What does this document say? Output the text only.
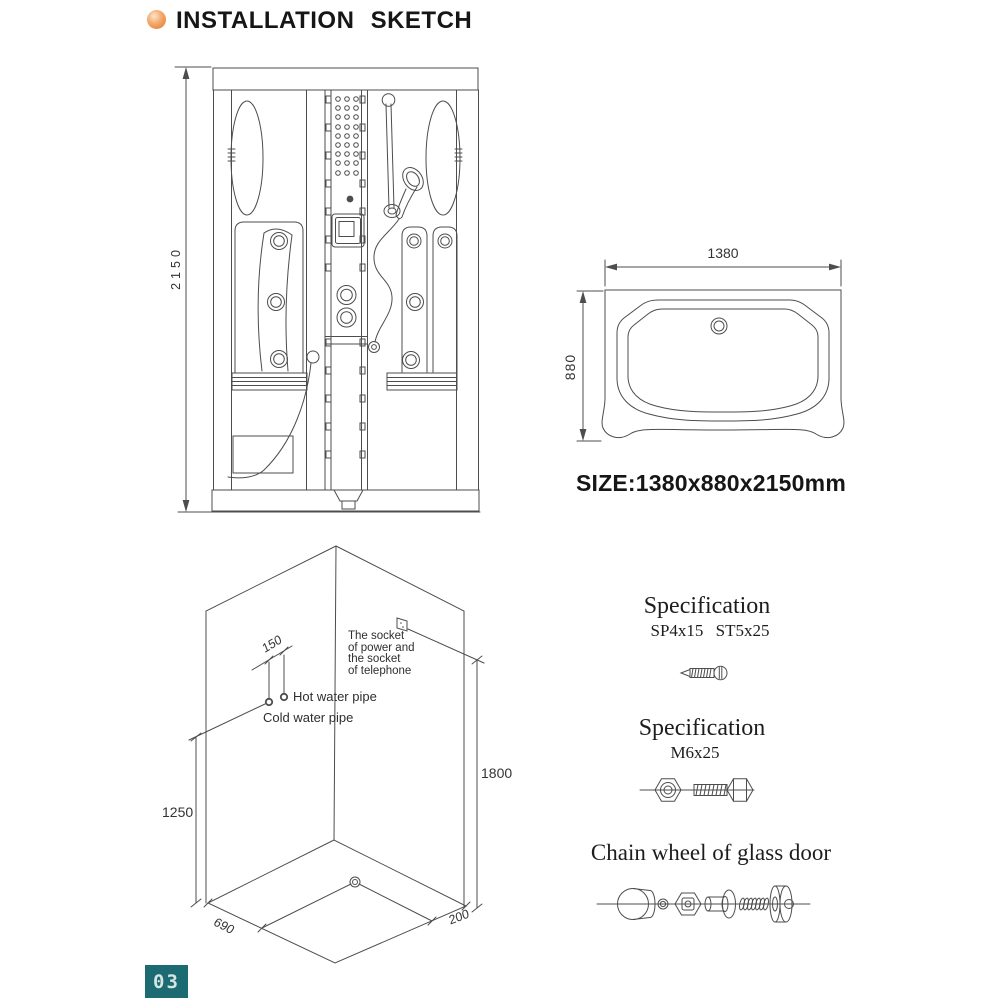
INSTALLATION SKETCH
2150	1380
880
SIZE:1380x880x2150mm
150
Hot water pipe
Cold water pipe
The socket
of power and
the socket
of telephone
1800
1250
690	200
Specification
SP4x15 ST5x25
Specification
M6x25
Chain wheel of glass door
03
